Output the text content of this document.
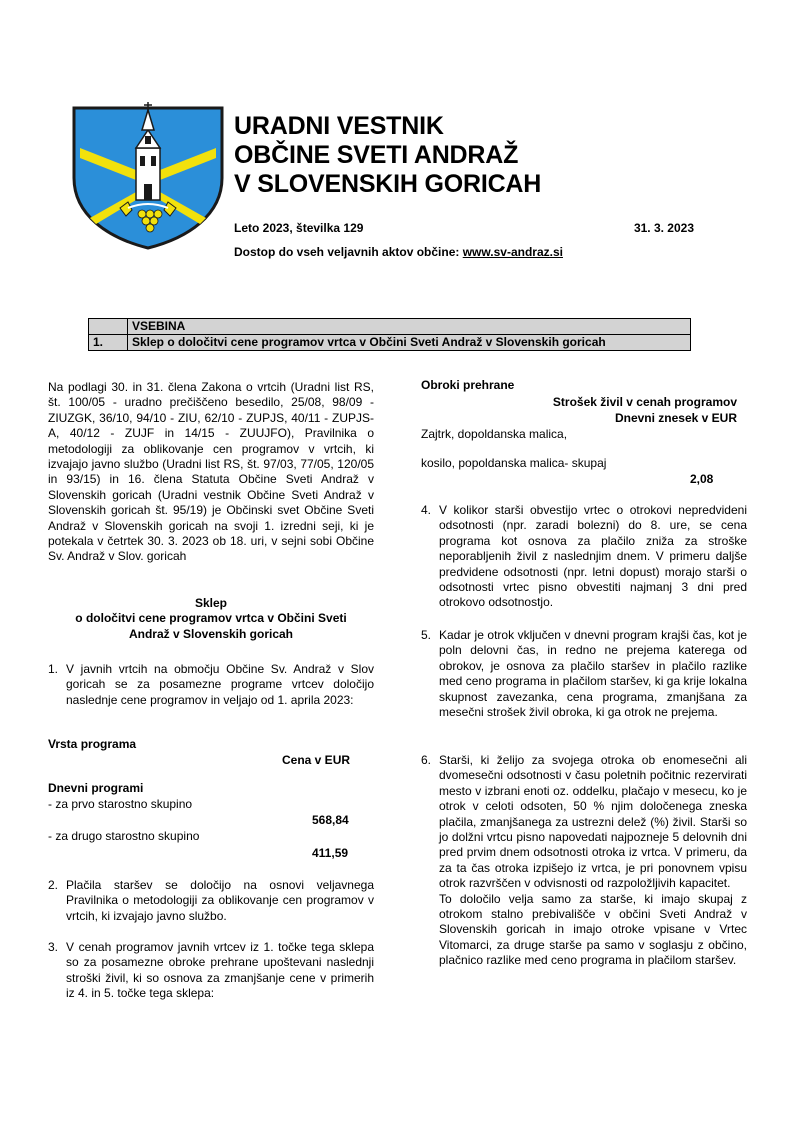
URADNI VESTNIK
OBČINE SVETI ANDRAŽ
V SLOVENSKIH GORICAH
Leto 2023, številka 129	31. 3. 2023
Dostop do vseh veljavnih aktov občine: www.sv-andraz.si
	VSEBINA
1.	Sklep o določitvi cene programov vrtca v Občini Sveti Andraž v Slovenskih goricah
Na podlagi 30. in 31. člena Zakona o vrtcih (Uradni list RS, št. 100/05 - uradno prečiščeno besedilo, 25/08, 98/09 - ZIUZGK, 36/10, 94/10 - ZIU, 62/10 - ZUPJS, 40/11 - ZUPJS-A, 40/12 - ZUJF in 14/15 - ZUUJFO), Pravilnika o metodologiji za oblikovanje cen programov v vrtcih, ki izvajajo javno službo (Uradni list RS, št. 97/03, 77/05, 120/05 in 93/15) in 16. člena Statuta Občine Sveti Andraž v Slovenskih goricah (Uradni vestnik Občine Sveti Andraž v Slovenskih goricah št. 95/19) je Občinski svet Občine Sveti Andraž v Slovenskih goricah na svoji 1. izredni seji, ki je potekala v četrtek 30. 3. 2023 ob 18. uri, v sejni sobi Občine Sv. Andraž v Slov. goricah
Sklep
o določitvi cene programov vrtca v Občini Sveti
Andraž v Slovenskih goricah
1. V javnih vrtcih na območju Občine Sv. Andraž v Slov goricah se za posamezne programe vrtcev določijo naslednje cene programov in veljajo od 1. aprila 2023:
Vrsta programa
Cena v EUR
Dnevni programi
- za prvo starostno skupino
568,84
- za drugo starostno skupino
411,59
2. Plačila staršev se določijo na osnovi veljavnega Pravilnika o metodologiji za oblikovanje cen programov v vrtcih, ki izvajajo javno službo.
3. V cenah programov javnih vrtcev iz 1. točke tega sklepa so za posamezne obroke prehrane upoštevani naslednji stroški živil, ki so osnova za zmanjšanje cene v primerih iz 4. in 5. točke tega sklepa:
Obroki prehrane
Strošek živil v cenah programov
Dnevni znesek v EUR
Zajtrk, dopoldanska malica,
kosilo, popoldanska malica- skupaj
2,08
4. V kolikor starši obvestijo vrtec o otrokovi nepredvideni odsotnosti (npr. zaradi bolezni) do 8. ure, se cena programa kot osnova za plačilo zniža za stroške neporabljenih živil z naslednjim dnem. V primeru daljše predvidene odsotnosti (npr. letni dopust) morajo starši o odsotnosti vrtec pisno obvestiti najmanj 3 dni pred otrokovo odsotnostjo.
5. Kadar je otrok vključen v dnevni program krajši čas, kot je poln delovni čas, in redno ne prejema katerega od obrokov, je osnova za plačilo staršev in plačilo razlike med ceno programa in plačilom staršev, ki ga krije lokalna skupnost zavezanka, cena programa, zmanjšana za mesečni strošek živil obroka, ki ga otrok ne prejema.
6. Starši, ki želijo za svojega otroka ob enomesečni ali dvomesečni odsotnosti v času poletnih počitnic rezervirati mesto v izbrani enoti oz. oddelku, plačajo v mesecu, ko je otrok v celoti odsoten, 50 % njim določenega zneska plačila, zmanjšanega za ustrezni delež (%) živil. Starši so jo dolžni vrtcu pisno napovedati najpozneje 5 delovnih dni pred prvim dnem odsotnosti otroka iz vrtca. V primeru, da za ta čas otroka izpišejo iz vrtca, je pri ponovnem vpisu otrok razvrščen v odvisnosti od razpoložljivih kapacitet.
To določilo velja samo za starše, ki imajo skupaj z otrokom stalno prebivališče v občini Sveti Andraž v Slovenskih goricah in imajo otroke vpisane v Vrtec Vitomarci, za druge starše pa samo v soglasju z občino, plačnico razlike med ceno programa in plačilom staršev.
